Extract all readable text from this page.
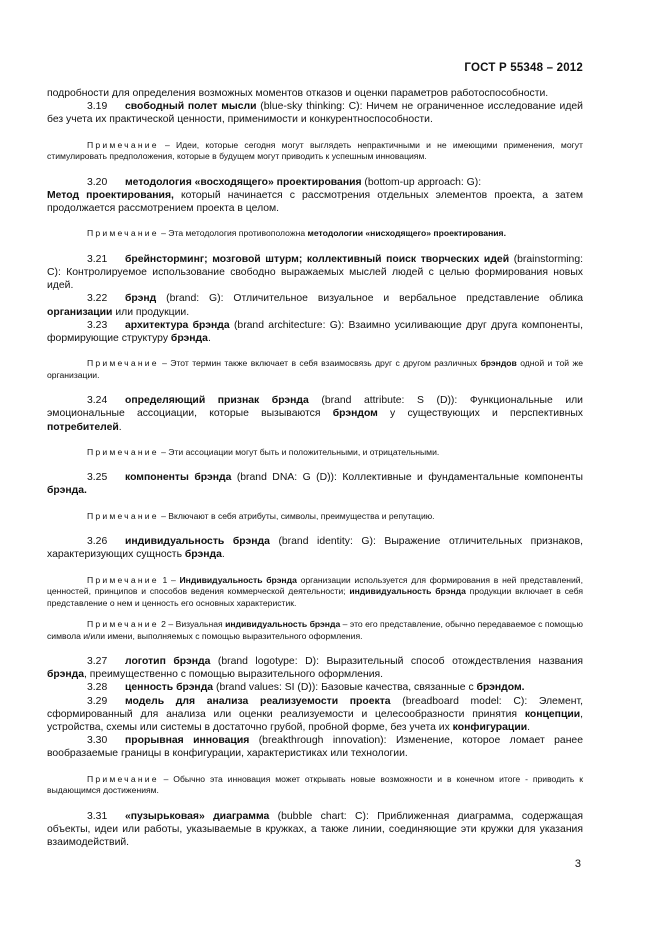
ГОСТ Р 55348 – 2012

подробности для определения возможных моментов отказов и оценки параметров работоспособности.

3.19 свободный полет мысли (blue-sky thinking: С): Ничем не ограниченное исследование идей без учета их практической ценности, применимости и конкурентноспособности.

Примечание – Идеи, которые сегодня могут выглядеть непрактичными и не имеющими применения, могут стимулировать предположения, которые в будущем могут приводить к успешным инновациям.

3.20 методология «восходящего» проектирования (bottom-up approach: G):

Метод проектирования, который начинается с рассмотрения отдельных элементов проекта, а затем продолжается рассмотрением проекта в целом.

Примечание – Эта методология противоположна методологии «нисходящего» проектирования.

3.21 брейнсторминг; мозговой штурм; коллективный поиск творческих идей (brainstorming: С): Контролируемое использование свободно выражаемых мыслей людей с целью формирования новых идей.

3.22 брэнд (brand: G): Отличительное визуальное и вербальное представление облика организации или продукции.

3.23 архитектура брэнда (brand architecture: G): Взаимно усиливающие друг друга компоненты, формирующие структуру брэнда.

Примечание – Этот термин также включает в себя взаимосвязь друг с другом различных брэндов одной и той же организации.

3.24 определяющий признак брэнда (brand attribute: S (D)): Функциональные или эмоциональные ассоциации, которые вызываются брэндом у существующих и перспективных потребителей.

Примечание – Эти ассоциации могут быть и положительными, и отрицательными.

3.25 компоненты брэнда (brand DNA: G (D)): Коллективные и фундаментальные компоненты брэнда.

Примечание – Включают в себя атрибуты, символы, преимущества и репутацию.

3.26 индивидуальность брэнда (brand identity: G): Выражение отличительных признаков, характеризующих сущность брэнда.

Примечание 1 – Индивидуальность брэнда организации используется для формирования в ней представлений, ценностей, принципов и способов ведения коммерческой деятельности; индивидуальность брэнда продукции включает в себя представление о нем и ценность его основных характеристик.

Примечание 2 – Визуальная индивидуальность брэнда – это его представление, обычно передаваемое с помощью символа и/или имени, выполняемых с помощью выразительного оформления.

3.27 логотип брэнда (brand logotype: D): Выразительный способ отождествления названия брэнда, преимущественно с помощью выразительного оформления.

3.28 ценность брэнда (brand values: SI (D)): Базовые качества, связанные с брэндом.

3.29 модель для анализа реализуемости проекта (breadboard model: C): Элемент, сформированный для анализа или оценки реализуемости и целесообразности принятия концепции, устройства, схемы или системы в достаточно грубой, пробной форме, без учета их конфигурации.

3.30 прорывная инновация (breakthrough innovation): Изменение, которое ломает ранее вообразаемые границы в конфигурации, характеристиках или технологии.

Примечание – Обычно эта инновация может открывать новые возможности и в конечном итоге - приводить к выдающимся достижениям.

3.31 «пузырьковая» диаграмма (bubble chart: C): Приближенная диаграмма, содержащая объекты, идеи или работы, указываемые в кружках, а также линии, соединяющие эти кружки для указания взаимодействий.

3
